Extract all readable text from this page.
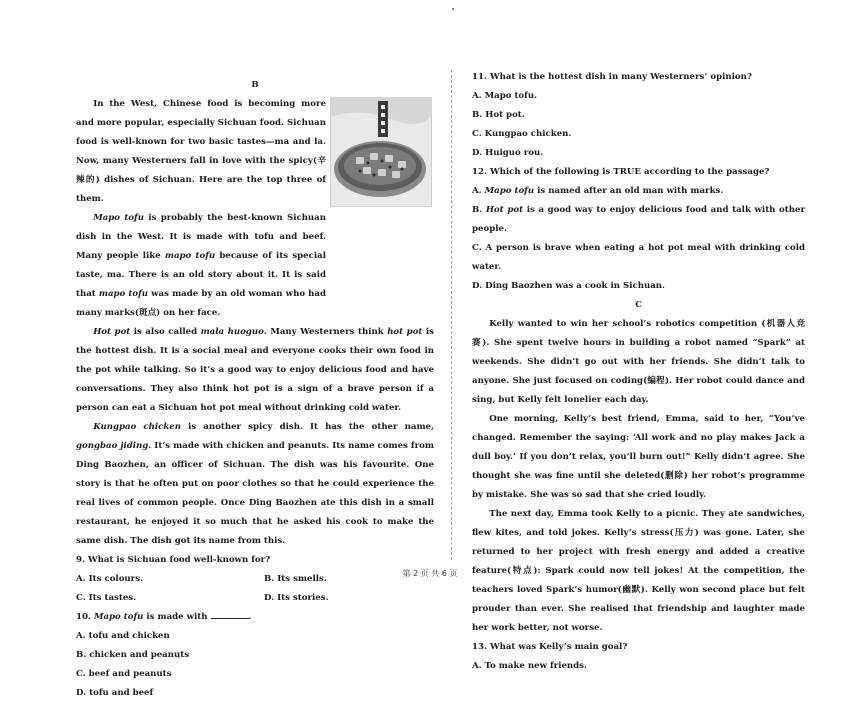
B

In the West, Chinese food is becoming more and more popular, especially Sichuan food. Sichuan food is well-known for two basic tastes—ma and la. Now, many Westerners fall in love with the spicy(辛辣的) dishes of Sichuan. Here are the top three of them.

Mapo tofu is probably the best-known Sichuan dish in the West. It is made with tofu and beef. Many people like mapo tofu because of its special taste, ma. There is an old story about it. It is said that mapo tofu was made by an old woman who had many marks(斑点) on her face.

Hot pot is also called mala huoguo. Many Westerners think hot pot is the hottest dish. It is a social meal and everyone cooks their own food in the pot while talking. So it’s a good way to enjoy delicious food and have conversations. They also think hot pot is a sign of a brave person if a person can eat a Sichuan hot pot meal without drinking cold water.

Kungpao chicken is another spicy dish. It has the other name, gongbao jiding. It’s made with chicken and peanuts. Its name comes from Ding Baozhen, an officer of Sichuan. The dish was his favourite. One story is that he often put on poor clothes so that he could experience the real lives of common people. Once Ding Baozhen ate this dish in a small restaurant, he enjoyed it so much that he asked his cook to make the same dish. The dish got its name from this.

9. What is Sichuan food well-known for?

A. Its colours.	B. Its smells.

C. Its tastes.	D. Its stories.

10. Mapo tofu is made with	.

A. tofu and chicken

B. chicken and peanuts

C. beef and peanuts

D. tofu and beef

11. What is the hottest dish in many Westerners’ opinion?

A. Mapo tofu.

B. Hot pot.

C. Kungpao chicken.

D. Huiguo rou.

12. Which of the following is TRUE according to the passage?

A. Mapo tofu is named after an old man with marks.

B. Hot pot is a good way to enjoy delicious food and talk with other people.

C. A person is brave when eating a hot pot meal with drinking cold water.

D. Ding Baozhen was a cook in Sichuan.

C

Kelly wanted to win her school’s robotics competition (机器人竞赛). She spent twelve hours in building a robot named “Spark” at weekends. She didn’t go out with her friends. She didn’t talk to anyone. She just focused on coding(编程). Her robot could dance and sing, but Kelly felt lonelier each day.

One morning, Kelly’s best friend, Emma, said to her, “You’ve changed. Remember the saying: ‘All work and no play makes Jack a dull boy.’ If you don’t relax, you’ll burn out!” Kelly didn’t agree. She thought she was fine until she deleted(删除) her robot’s programme by mistake. She was so sad that she cried loudly.

The next day, Emma took Kelly to a picnic. They ate sandwiches, flew kites, and told jokes. Kelly’s stress(压力) was gone. Later, she returned to her project with fresh energy and added a creative feature(特点): Spark could now tell jokes! At the competition, the teachers loved Spark’s humor(幽默). Kelly won second place but felt prouder than ever. She realised that friendship and laughter made her work better, not worse.

13. What was Kelly’s main goal?

A. To make new friends.

第 2 页 共 6 页
